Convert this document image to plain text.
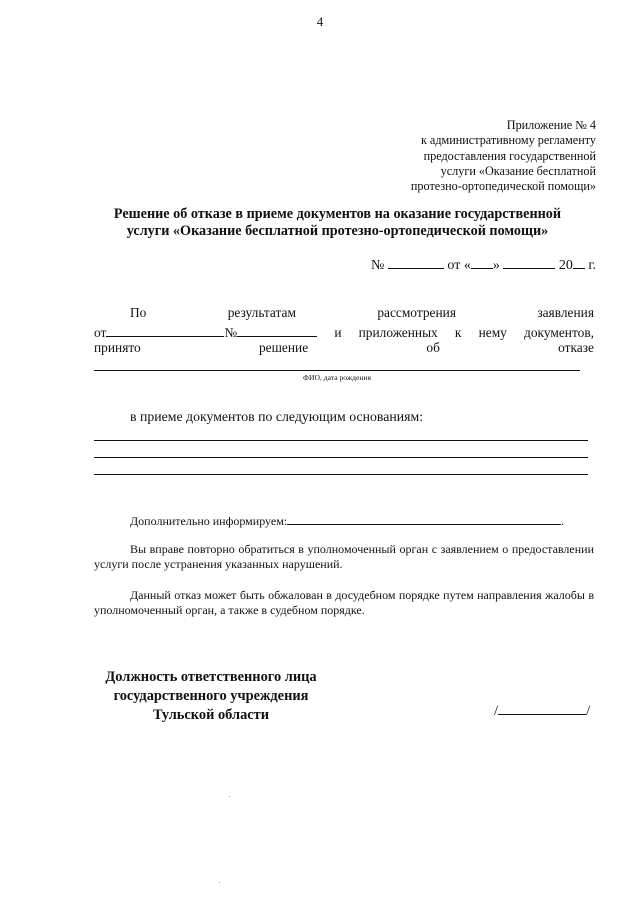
4
Приложение № 4
к административному регламенту
предоставления государственной
услуги «Оказание бесплатной
протезно-ортопедической помощи»
Решение об отказе в приеме документов на оказание государственной
услуги «Оказание бесплатной протезно-ортопедической помощи»
№	от « »	20 г.
По	результатам	рассмотрения	заявления
от	№	и приложенных к нему документов,
принято	решение	об	отказе
ФИО, дата рождения
в приеме документов по следующим основаниям:
Дополнительно информируем:	.
Вы вправе повторно обратиться в уполномоченный орган с заявлением о предоставлении услуги после устранения указанных нарушений.
Данный отказ может быть обжалован в досудебном порядке путем направления жалобы в уполномоченный орган, а также в судебном порядке.
Должность ответственного лица
государственного учреждения
Тульской области	/	/
